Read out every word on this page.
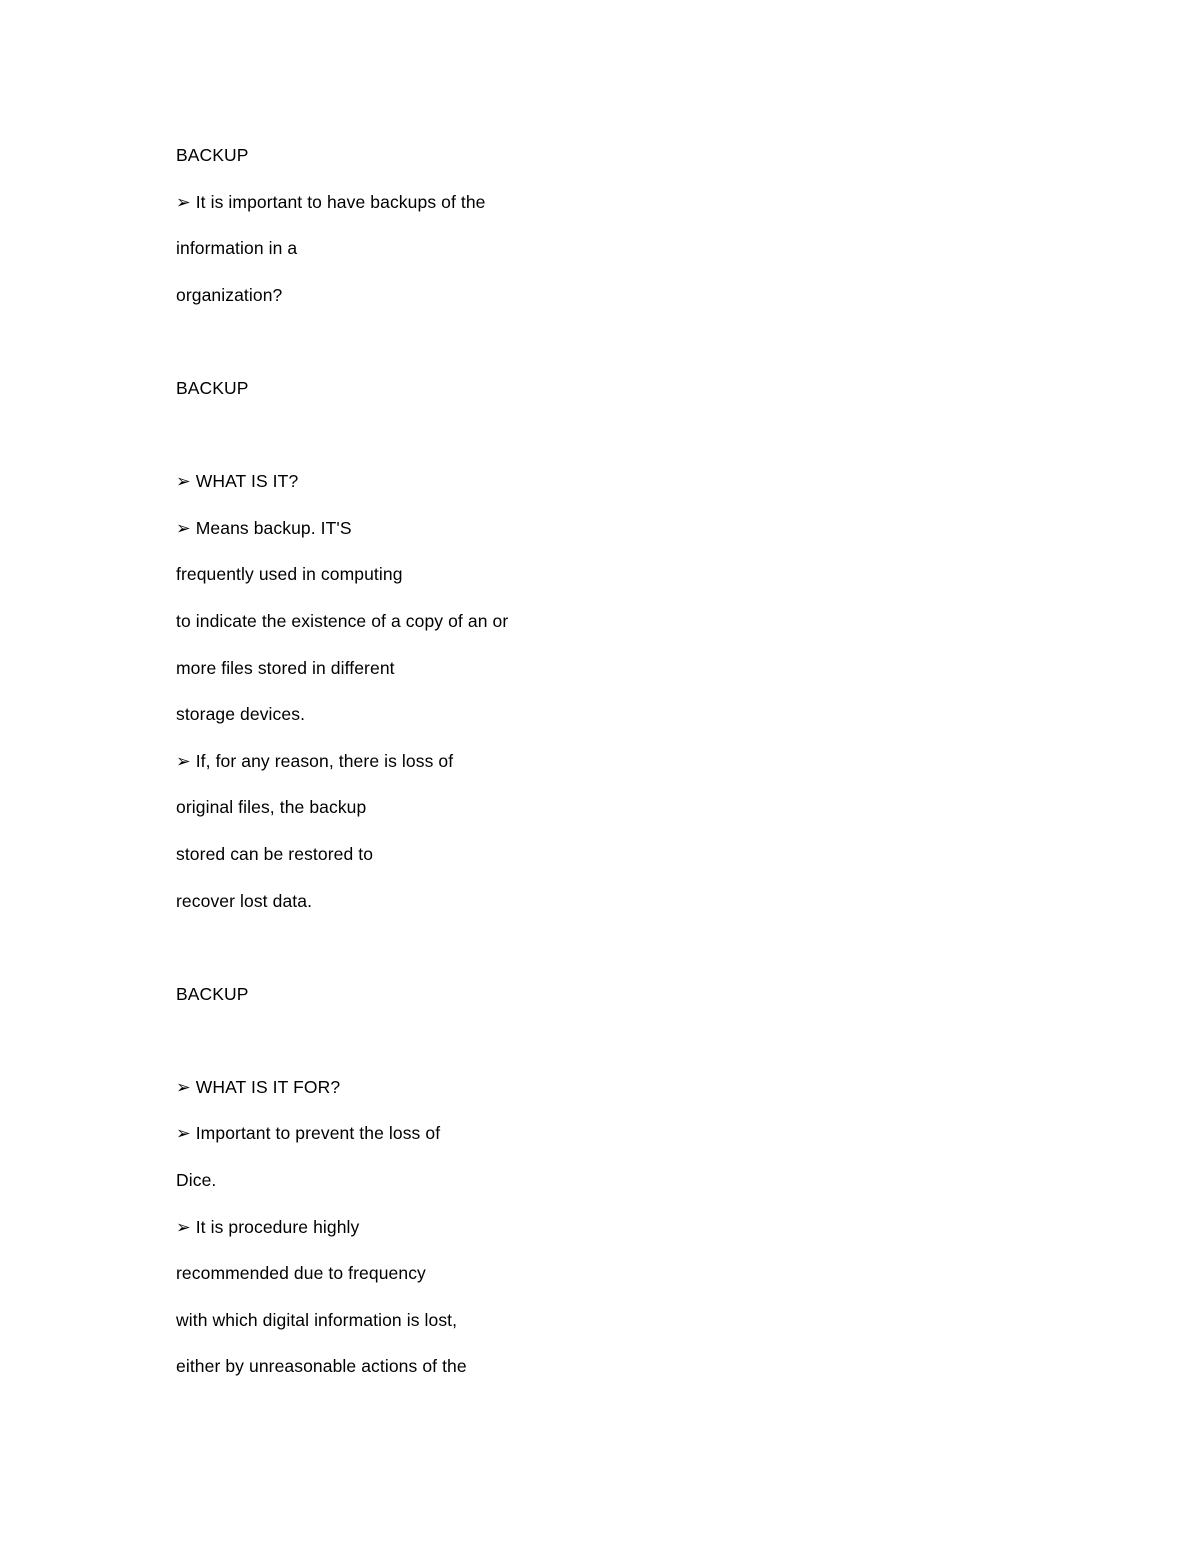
BACKUP
➢ It is important to have backups of the
information in a
organization?
BACKUP
➢ WHAT IS IT?
➢ Means backup. IT'S
frequently used in computing
to indicate the existence of a copy of an or
more files stored in different
storage devices.
➢ If, for any reason, there is loss of
original files, the backup
stored can be restored to
recover lost data.
BACKUP
➢ WHAT IS IT FOR?
➢ Important to prevent the loss of
Dice.
➢ It is procedure highly
recommended due to frequency
with which digital information is lost,
either by unreasonable actions of the
